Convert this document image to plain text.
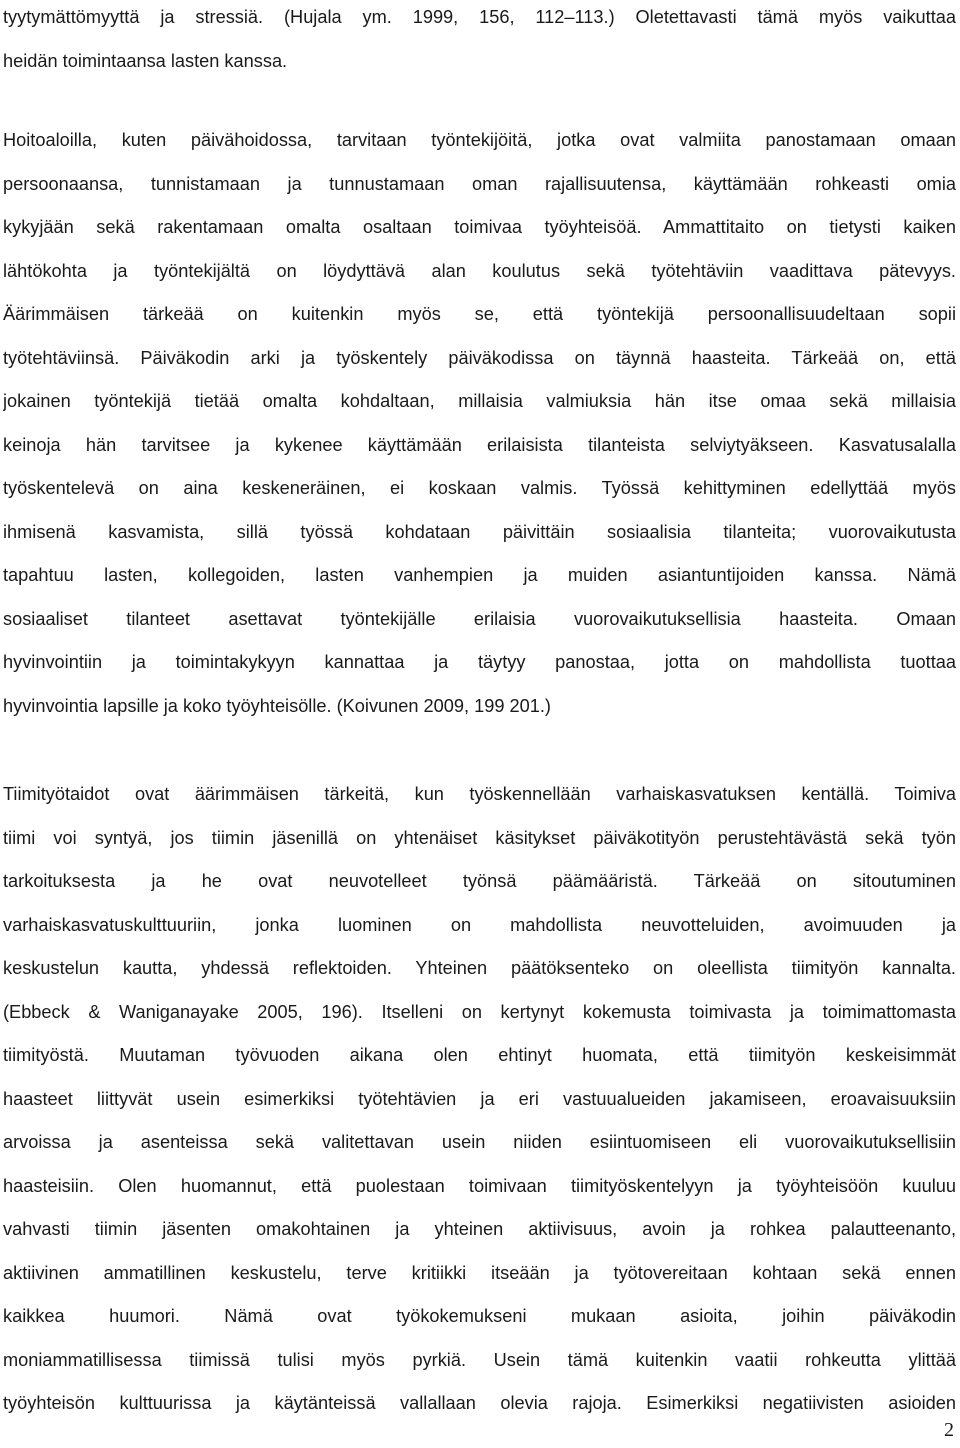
tyytymättömyyttä ja stressiä. (Hujala ym. 1999, 156, 112–113.) Oletettavasti tämä myös vaikuttaa
heidän toimintaansa lasten kanssa.
Hoitoaloilla, kuten päivähoidossa, tarvitaan työntekijöitä, jotka ovat valmiita panostamaan omaan
persoonaansa, tunnistamaan ja tunnustamaan oman rajallisuutensa, käyttämään rohkeasti omia
kykyjään sekä rakentamaan omalta osaltaan toimivaa työyhteisöä. Ammattitaito on tietysti kaiken
lähtökohta ja työntekijältä on löydyttävä alan koulutus sekä työtehtäviin vaadittava pätevyys.
Äärimmäisen tärkeää on kuitenkin myös se, että työntekijä persoonallisuudeltaan sopii
työtehtäviinsä. Päiväkodin arki ja työskentely päiväkodissa on täynnä haasteita. Tärkeää on, että
jokainen työntekijä tietää omalta kohdaltaan, millaisia valmiuksia hän itse omaa sekä millaisia
keinoja hän tarvitsee ja kykenee käyttämään erilaisista tilanteista selviytyäkseen. Kasvatusalalla
työskentelevä on aina keskeneräinen, ei koskaan valmis. Työssä kehittyminen edellyttää myös
ihmisenä kasvamista, sillä työssä kohdataan päivittäin sosiaalisia tilanteita; vuorovaikutusta
tapahtuu lasten, kollegoiden, lasten vanhempien ja muiden asiantuntijoiden kanssa. Nämä
sosiaaliset tilanteet asettavat työntekijälle erilaisia vuorovaikutuksellisia haasteita. Omaan
hyvinvointiin ja toimintakykyyn kannattaa ja täytyy panostaa, jotta on mahdollista tuottaa
hyvinvointia lapsille ja koko työyhteisölle. (Koivunen 2009, 199 201.)
Tiimityötaidot ovat äärimmäisen tärkeitä, kun työskennellään varhaiskasvatuksen kentällä. Toimiva
tiimi voi syntyä, jos tiimin jäsenillä on yhtenäiset käsitykset päiväkotityön perustehtävästä sekä työn
tarkoituksesta ja he ovat neuvotelleet työnsä päämääristä. Tärkeää on sitoutuminen
varhaiskasvatuskulttuuriin, jonka luominen on mahdollista neuvotteluiden, avoimuuden ja
keskustelun kautta, yhdessä reflektoiden. Yhteinen päätöksenteko on oleellista tiimityön kannalta.
(Ebbeck & Waniganayake 2005, 196). Itselleni on kertynyt kokemusta toimivasta ja toimimattomasta
tiimityöstä. Muutaman työvuoden aikana olen ehtinyt huomata, että tiimityön keskeisimmät
haasteet liittyvät usein esimerkiksi työtehtävien ja eri vastuualueiden jakamiseen, eroavaisuuksiin
arvoissa ja asenteissa sekä valitettavan usein niiden esiintuomiseen eli vuorovaikutuksellisiin
haasteisiin. Olen huomannut, että puolestaan toimivaan tiimityöskentelyyn ja työyhteisöön kuuluu
vahvasti tiimin jäsenten omakohtainen ja yhteinen aktiivisuus, avoin ja rohkea palautteenanto,
aktiivinen ammatillinen keskustelu, terve kritiikki itseään ja työtovereitaan kohtaan sekä ennen
kaikkea huumori. Nämä ovat työkokemukseni mukaan asioita, joihin päiväkodin
moniammatillisessa tiimissä tulisi myös pyrkiä. Usein tämä kuitenkin vaatii rohkeutta ylittää
työyhteisön kulttuurissa ja käytänteissä vallallaan olevia rajoja. Esimerkiksi negatiivisten asioiden
2
